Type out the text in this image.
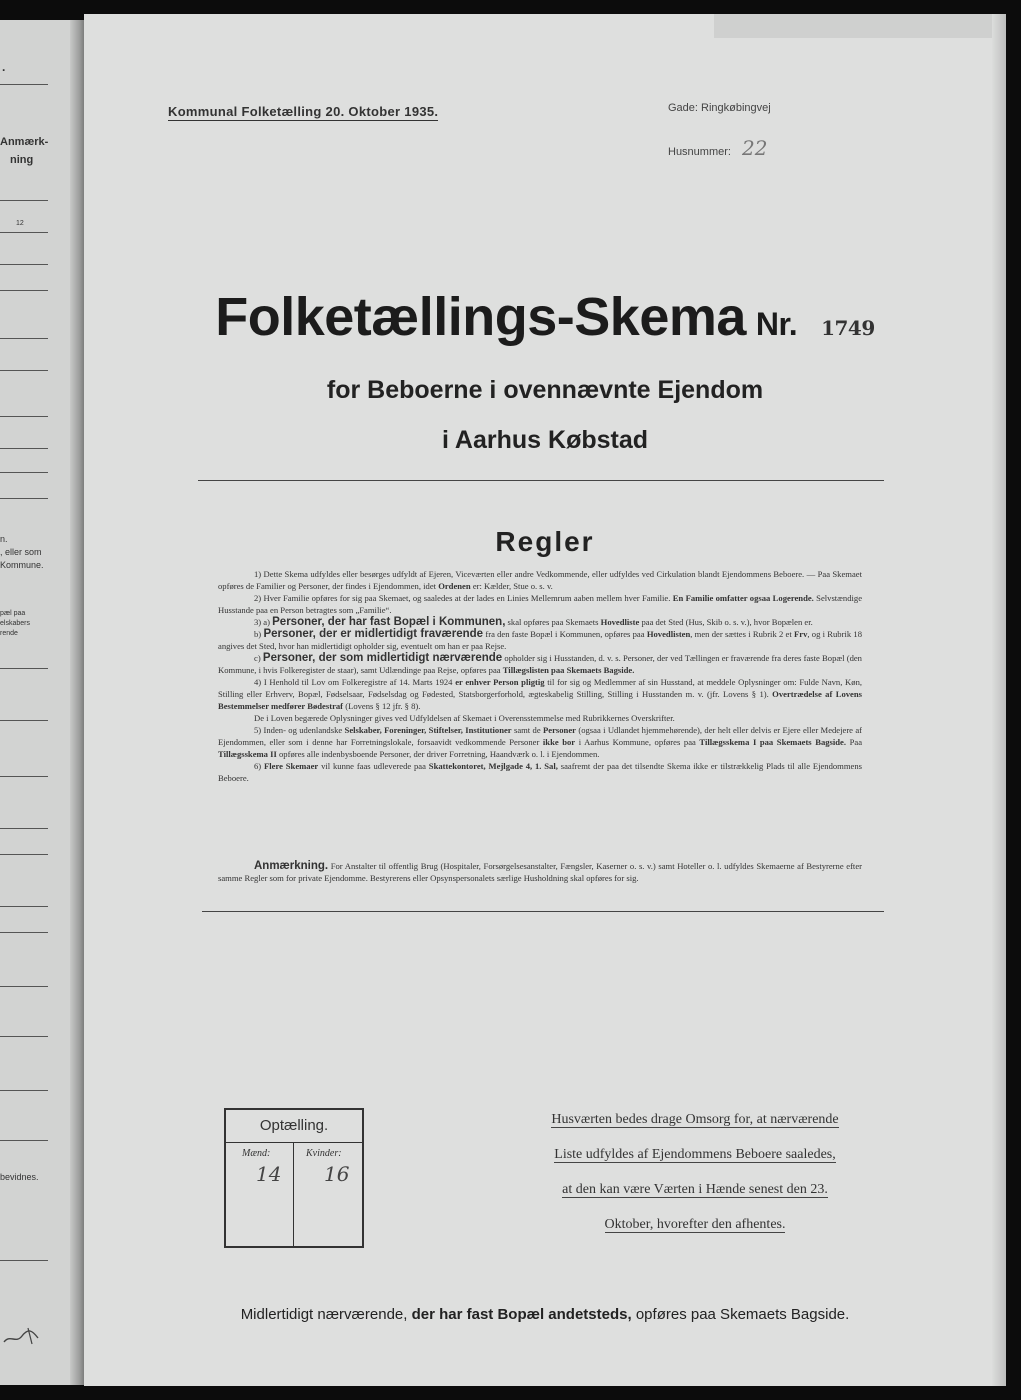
.
Anmærk-
ning
12
n.
, eller som
Kommune.
pæl paa
elskabers
rende
bevidnes.
Kommunal Folketælling 20. Oktober 1935.	Gade: Ringkøbingvej
Husnummer: 22
Folketællings-Skema Nr. 1749
for Beboerne i ovennævnte Ejendom
i Aarhus Købstad
Regler

1) Dette Skema udfyldes eller besørges udfyldt af Ejeren, Viceværten eller andre Vedkommende, eller udfyldes ved Cirkulation blandt Ejendommens Beboere. — Paa Skemaet opføres de Familier og Personer, der findes i Ejendommen, idet Ordenen er: Kælder, Stue o. s. v.

2) Hver Familie opføres for sig paa Skemaet, og saaledes at der lades en Linies Mellemrum aaben mellem hver Familie. En Familie omfatter ogsaa Logerende. Selvstændige Husstande paa en Person betragtes som „Familie“.

3) a) Personer, der har fast Bopæl i Kommunen, skal opføres paa Skemaets Hovedliste paa det Sted (Hus, Skib o. s. v.), hvor Bopælen er.

b) Personer, der er midlertidigt fraværende fra den faste Bopæl i Kommunen, opføres paa Hovedlisten, men der sættes i Rubrik 2 et Frv, og i Rubrik 18 angives det Sted, hvor han midlertidigt opholder sig, eventuelt om han er paa Rejse.

c) Personer, der som midlertidigt nærværende opholder sig i Husstanden, d. v. s. Personer, der ved Tællingen er fraværende fra deres faste Bopæl (den Kommune, i hvis Folkeregister de staar), samt Udlændinge paa Rejse, opføres paa Tillægslisten paa Skemaets Bagside.

4) I Henhold til Lov om Folkeregistre af 14. Marts 1924 er enhver Person pligtig til for sig og Medlemmer af sin Husstand, at meddele Oplysninger om: Fulde Navn, Køn, Stilling eller Erhverv, Bopæl, Fødselsaar, Fødselsdag og Fødested, Statsborgerforhold, ægteskabelig Stilling, Stilling i Husstanden m. v. (jfr. Lovens § 1). Overtrædelse af Lovens Bestemmelser medfører Bødestraf (Lovens § 12 jfr. § 8).

De i Loven begærede Oplysninger gives ved Udfyldelsen af Skemaet i Overensstemmelse med Rubrikkernes Overskrifter.

5) Inden- og udenlandske Selskaber, Foreninger, Stiftelser, Institutioner samt de Personer (ogsaa i Udlandet hjemmehørende), der helt eller delvis er Ejere eller Medejere af Ejendommen, eller som i denne har Forretningslokale, forsaavidt vedkommende Personer ikke bor i Aarhus Kommune, opføres paa Tillægsskema I paa Skemaets Bagside. Paa Tillægsskema II opføres alle indenbysboende Personer, der driver Forretning, Haandværk o. l. i Ejendommen.

6) Flere Skemaer vil kunne faas udleverede paa Skattekontoret, Mejlgade 4, 1. Sal, saafremt der paa det tilsendte Skema ikke er tilstrækkelig Plads til alle Ejendommens Beboere.

Anmærkning. For Anstalter til offentlig Brug (Hospitaler, Forsørgelsesanstalter, Fængsler, Kaserner o. s. v.) samt Hoteller o. l. udfyldes Skemaerne af Bestyrerne efter samme Regler som for private Ejendomme. Bestyrerens eller Opsynspersonalets særlige Husholdning skal opføres for sig.
Optælling.
Mænd:
14
Kvinder:
16
Husværten bedes drage Omsorg for, at nærværende
Liste udfyldes af Ejendommens Beboere saaledes,
at den kan være Værten i Hænde senest den 23.
Oktober, hvorefter den afhentes.
Midlertidigt nærværende, der har fast Bopæl andetsteds, opføres paa Skemaets Bagside.
